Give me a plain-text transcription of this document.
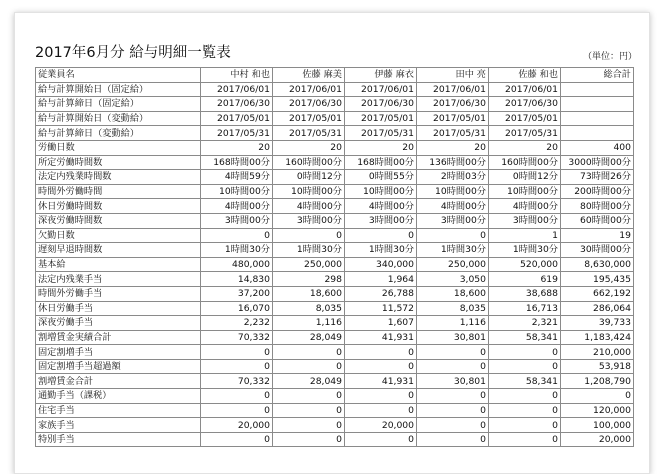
2017年6月分 給与明細一覧表	（単位：円）
従業員名	中村 和也	佐藤 麻美	伊藤 麻衣	田中 亮	佐藤 和也	総合計
給与計算開始日（固定給）	2017/06/01	2017/06/01	2017/06/01	2017/06/01	2017/06/01	
給与計算締日（固定給）	2017/06/30	2017/06/30	2017/06/30	2017/06/30	2017/06/30	
給与計算開始日（変動給）	2017/05/01	2017/05/01	2017/05/01	2017/05/01	2017/05/01	
給与計算締日（変動給）	2017/05/31	2017/05/31	2017/05/31	2017/05/31	2017/05/31	
労働日数	20	20	20	20	20	400
所定労働時間数	168時間00分	160時間00分	168時間00分	136時間00分	160時間00分	3000時間00分
法定内残業時間数	4時間59分	0時間12分	0時間55分	2時間03分	0時間12分	73時間26分
時間外労働時間	10時間00分	10時間00分	10時間00分	10時間00分	10時間00分	200時間00分
休日労働時間数	4時間00分	4時間00分	4時間00分	4時間00分	4時間00分	80時間00分
深夜労働時間数	3時間00分	3時間00分	3時間00分	3時間00分	3時間00分	60時間00分
欠勤日数	0	0	0	0	1	19
遅刻早退時間数	1時間30分	1時間30分	1時間30分	1時間30分	1時間30分	30時間00分
基本給	480,000	250,000	340,000	250,000	520,000	8,630,000
法定内残業手当	14,830	298	1,964	3,050	619	195,435
時間外労働手当	37,200	18,600	26,788	18,600	38,688	662,192
休日労働手当	16,070	8,035	11,572	8,035	16,713	286,064
深夜労働手当	2,232	1,116	1,607	1,116	2,321	39,733
割増賃金実績合計	70,332	28,049	41,931	30,801	58,341	1,183,424
固定割増手当	0	0	0	0	0	210,000
固定割増手当超過額	0	0	0	0	0	53,918
割増賃金合計	70,332	28,049	41,931	30,801	58,341	1,208,790
通勤手当（課税）	0	0	0	0	0	0
住宅手当	0	0	0	0	0	120,000
家族手当	20,000	0	20,000	0	0	100,000
特別手当	0	0	0	0	0	20,000
